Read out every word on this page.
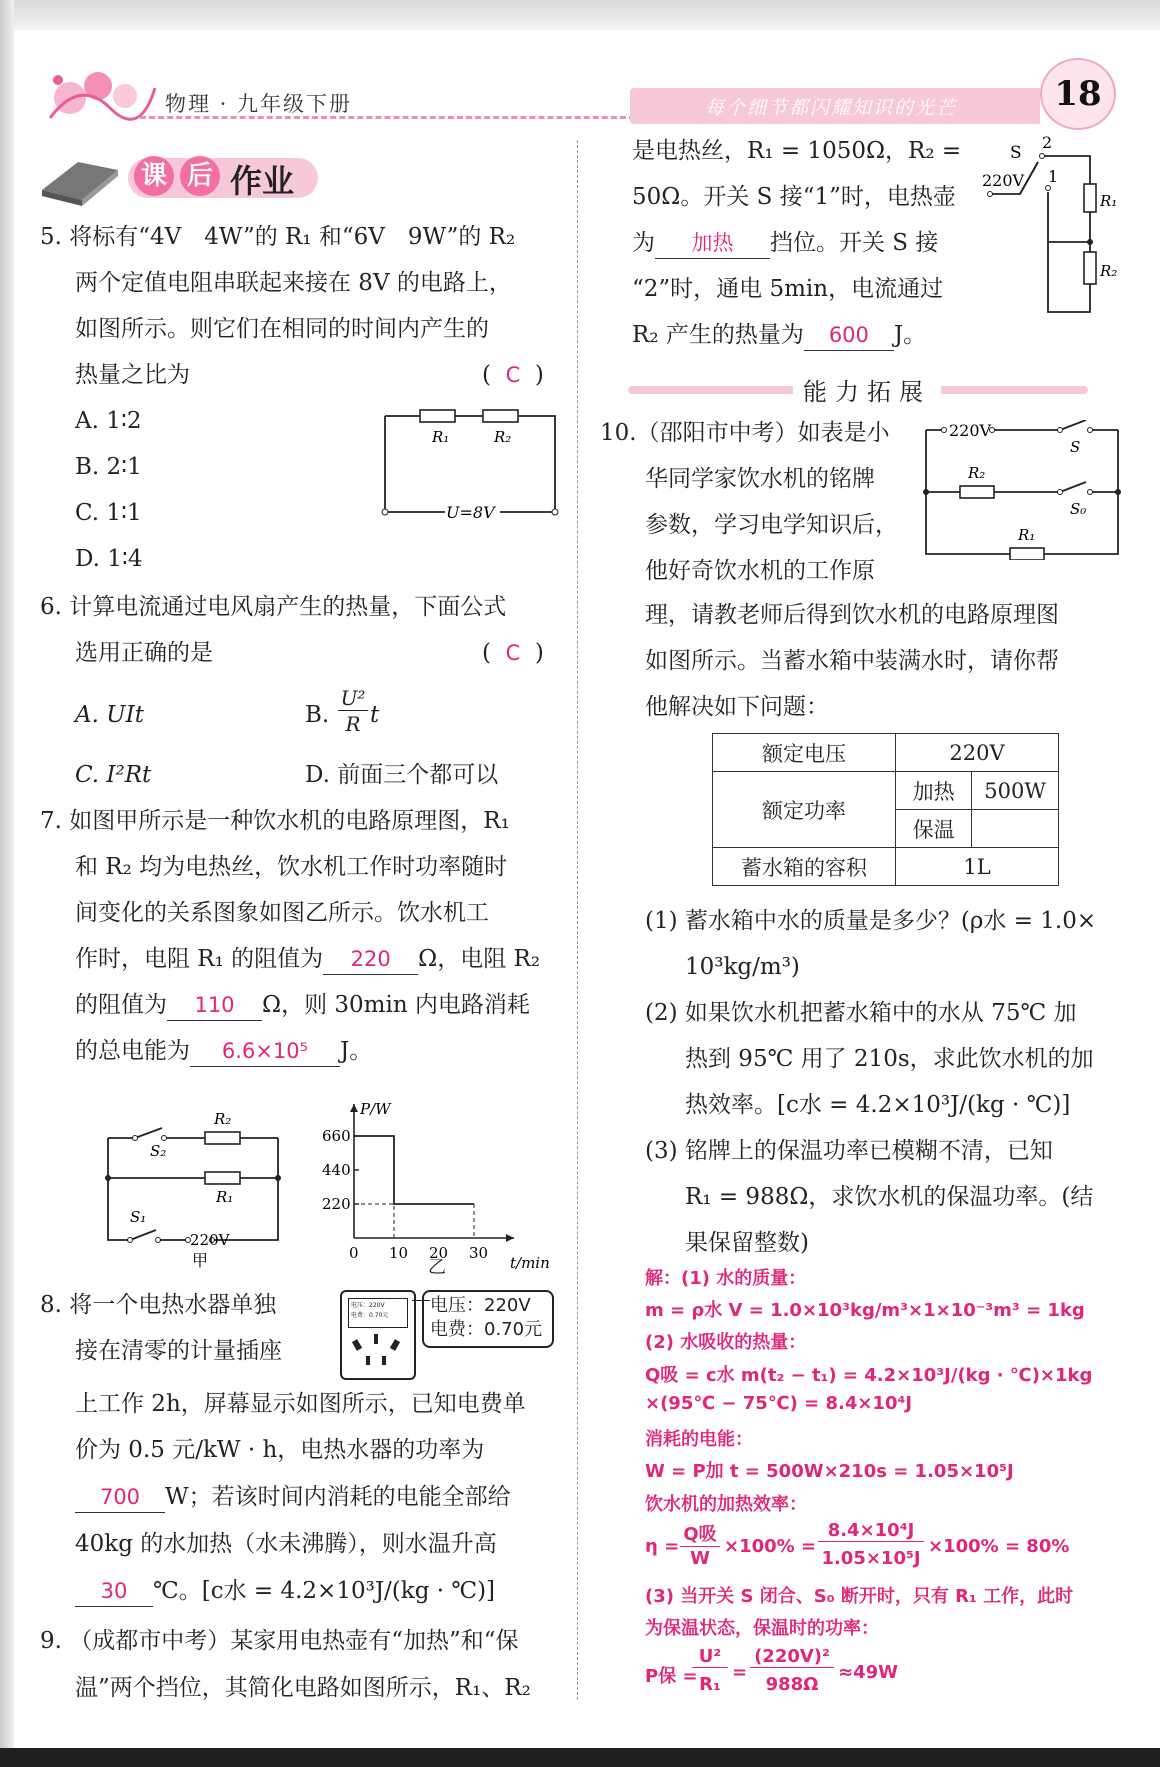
物理 · 九年级下册	每个细节都闪耀知识的光芒	18
课 后 作业
5. 将标有“4V　4W”的 R₁ 和“6V　9W”的 R₂
两个定值电阻串联起来接在 8V 的电路上，
如图所示。则它们在相同的时间内产生的
热量之比为	(  C  )
A. 1∶2
B. 2∶1
C. 1∶1
D. 1∶4
R₁	R₂
U=8V
6. 计算电流通过电风扇产生的热量，下面公式
选用正确的是	(  C  )
A. UIt	B.
U²
R t
C. I²Rt	D. 前面三个都可以
7. 如图甲所示是一种饮水机的电路原理图，R₁
和 R₂ 均为电热丝，饮水机工作时功率随时
间变化的关系图象如图乙所示。饮水机工
作时，电阻 R₁ 的阻值为 220 Ω，电阻 R₂
的阻值为 110 Ω，则 30min 内电路消耗
的总电能为 6.6×10⁵ J。
R₂
S₂
R₁
S₁
220V
甲
P/W
t/min
0 10 20 30
220
440
660
乙
8. 将一个电热水器单独
接在清零的计量插座
电压：220V
电费：0.70元	电压：220V
电费：0.70元
上工作 2h，屏幕显示如图所示，已知电费单
价为 0.5 元/kW · h，电热水器的功率为
700 W；若该时间内消耗的电能全部给
40kg 的水加热（水未沸腾），则水温升高
30 ℃。[c水 = 4.2×10³J/(kg · ℃)]
9. （成都市中考）某家用电热壶有“加热”和“保
温”两个挡位，其简化电路如图所示，R₁、R₂
是电热丝，R₁ = 1050Ω，R₂ =
50Ω。开关 S 接“1”时，电热壶
为 加热 挡位。开关 S 接
“2”时，通电 5min，电流通过
R₂ 产生的热量为 600 J。
S
2
1
220V
R₁
R₂
能力拓展
10.（邵阳市中考）如表是小
华同学家饮水机的铭牌
参数，学习电学知识后，
他好奇饮水机的工作原
220V
S
R₂
S₀
R₁
理，请教老师后得到饮水机的电路原理图
如图所示。当蓄水箱中装满水时，请你帮
他解决如下问题：
额定电压	220V	
额定功率	加热	500W
	保温	
蓄水箱的容积	1L	
(1) 蓄水箱中水的质量是多少？(ρ水 = 1.0×
10³kg/m³)
(2) 如果饮水机把蓄水箱中的水从 75℃ 加
热到 95℃ 用了 210s，求此饮水机的加
热效率。[c水 = 4.2×10³J/(kg · ℃)]
(3) 铭牌上的保温功率已模糊不清，已知
R₁ = 988Ω，求饮水机的保温功率。(结
果保留整数)
解：(1) 水的质量：
m = ρ水 V = 1.0×10³kg/m³×1×10⁻³m³ = 1kg
(2) 水吸收的热量：
Q吸 = c水 m(t₂ − t₁) = 4.2×10³J/(kg · ℃)×1kg
×(95℃ − 75℃) = 8.4×10⁴J
消耗的电能：
W = P加 t = 500W×210s = 1.05×10⁵J
饮水机的加热效率：
η =
Q吸
W
×100% =
8.4×10⁴J
1.05×10⁵J
×100% = 80%
(3) 当开关 S 闭合、S₀ 断开时，只有 R₁ 工作，此时
为保温状态，保温时的功率：
P保 =
U²
R₁
=
(220V)²
988Ω
≈49W
